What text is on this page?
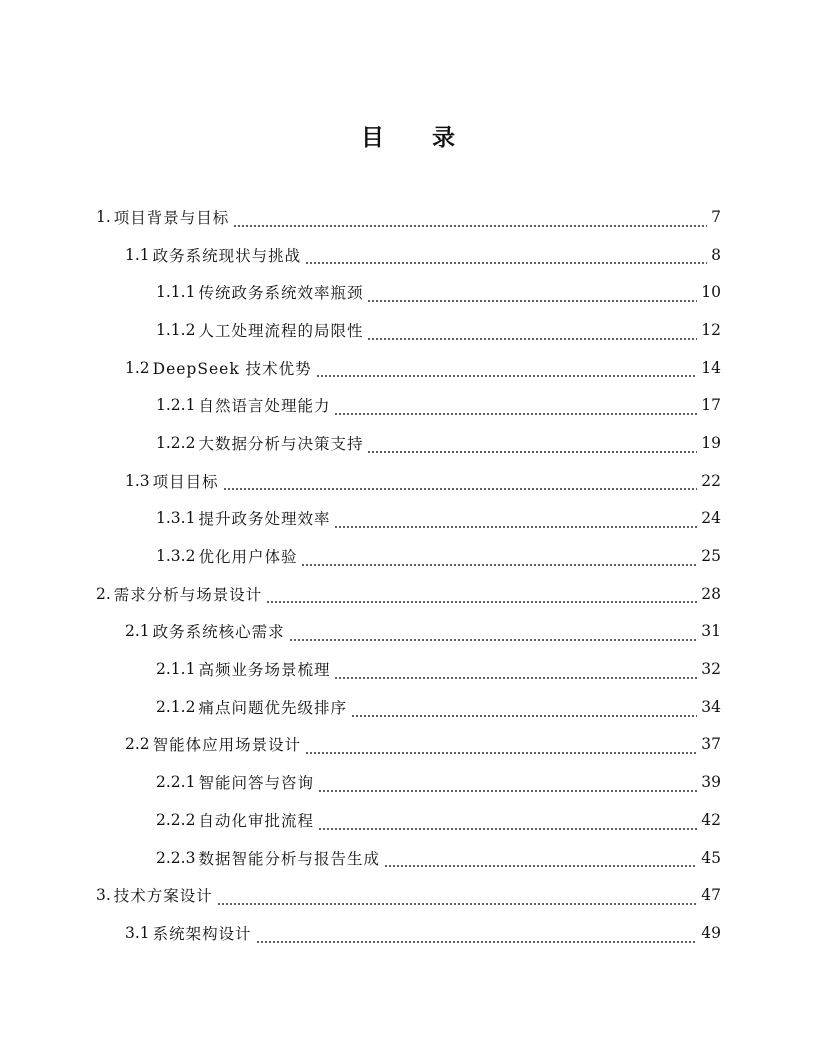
目 录
1. 项目背景与目标	7
1.1 政务系统现状与挑战	8
1.1.1 传统政务系统效率瓶颈	10
1.1.2 人工处理流程的局限性	12
1.2 DeepSeek 技术优势	14
1.2.1 自然语言处理能力	17
1.2.2 大数据分析与决策支持	19
1.3 项目目标	22
1.3.1 提升政务处理效率	24
1.3.2 优化用户体验	25
2. 需求分析与场景设计	28
2.1 政务系统核心需求	31
2.1.1 高频业务场景梳理	32
2.1.2 痛点问题优先级排序	34
2.2 智能体应用场景设计	37
2.2.1 智能问答与咨询	39
2.2.2 自动化审批流程	42
2.2.3 数据智能分析与报告生成	45
3. 技术方案设计	47
3.1 系统架构设计	49
